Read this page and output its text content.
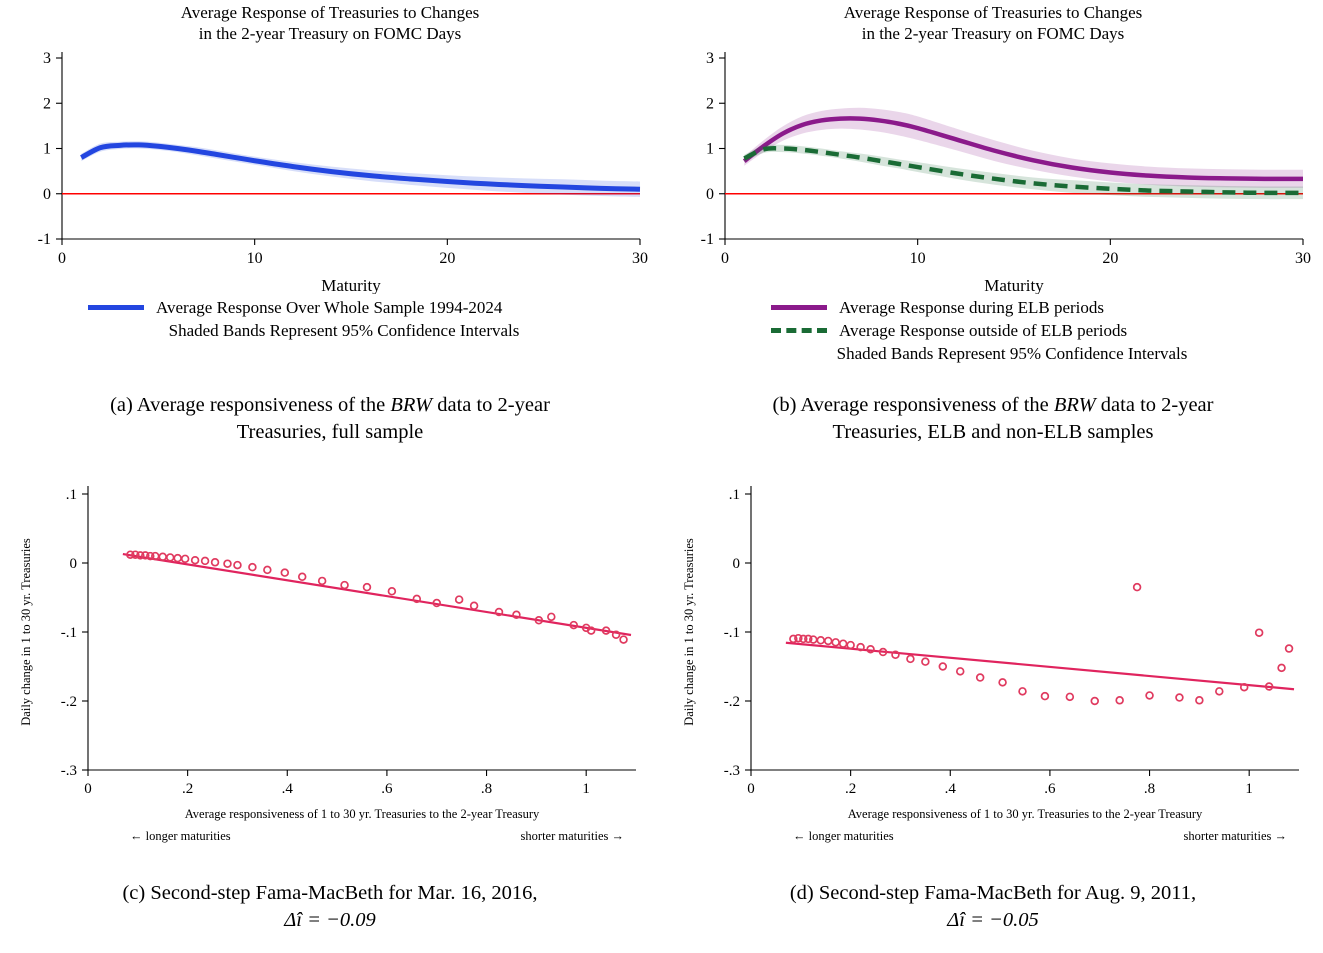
Average Response of Treasuries to Changes
in the 2-year Treasury on FOMC Days
-1
0
1
2
3
0	10	20	30
Maturity
Average Response Over Whole Sample 1994-2024
Shaded Bands Represent 95% Confidence Intervals
(a) Average responsiveness of the BRW data to 2-year
Treasuries, full sample
Average Response of Treasuries to Changes
in the 2-year Treasury on FOMC Days
-1
0
1
2
3
0	10	20	30
Maturity
Average Response during ELB periods
Average Response outside of ELB periods
Shaded Bands Represent 95% Confidence Intervals
(b) Average responsiveness of the BRW data to 2-year
Treasuries, ELB and non-ELB samples
-.3
-.2
-.1
0
.1
0	.2	.4	.6	.8	1
Daily change in 1 to 30 yr. Treasuries
Average responsiveness of 1 to 30 yr. Treasuries to the 2-year Treasury
← longer maturities	shorter maturities →
(c) Second-step Fama-MacBeth for Mar. 16, 2016,
Δî = −0.09
-.3
-.2
-.1
0
.1
0	.2	.4	.6	.8	1
Daily change in 1 to 30 yr. Treasuries
Average responsiveness of 1 to 30 yr. Treasuries to the 2-year Treasury
← longer maturities	shorter maturities →
(d) Second-step Fama-MacBeth for Aug. 9, 2011,
Δî = −0.05
